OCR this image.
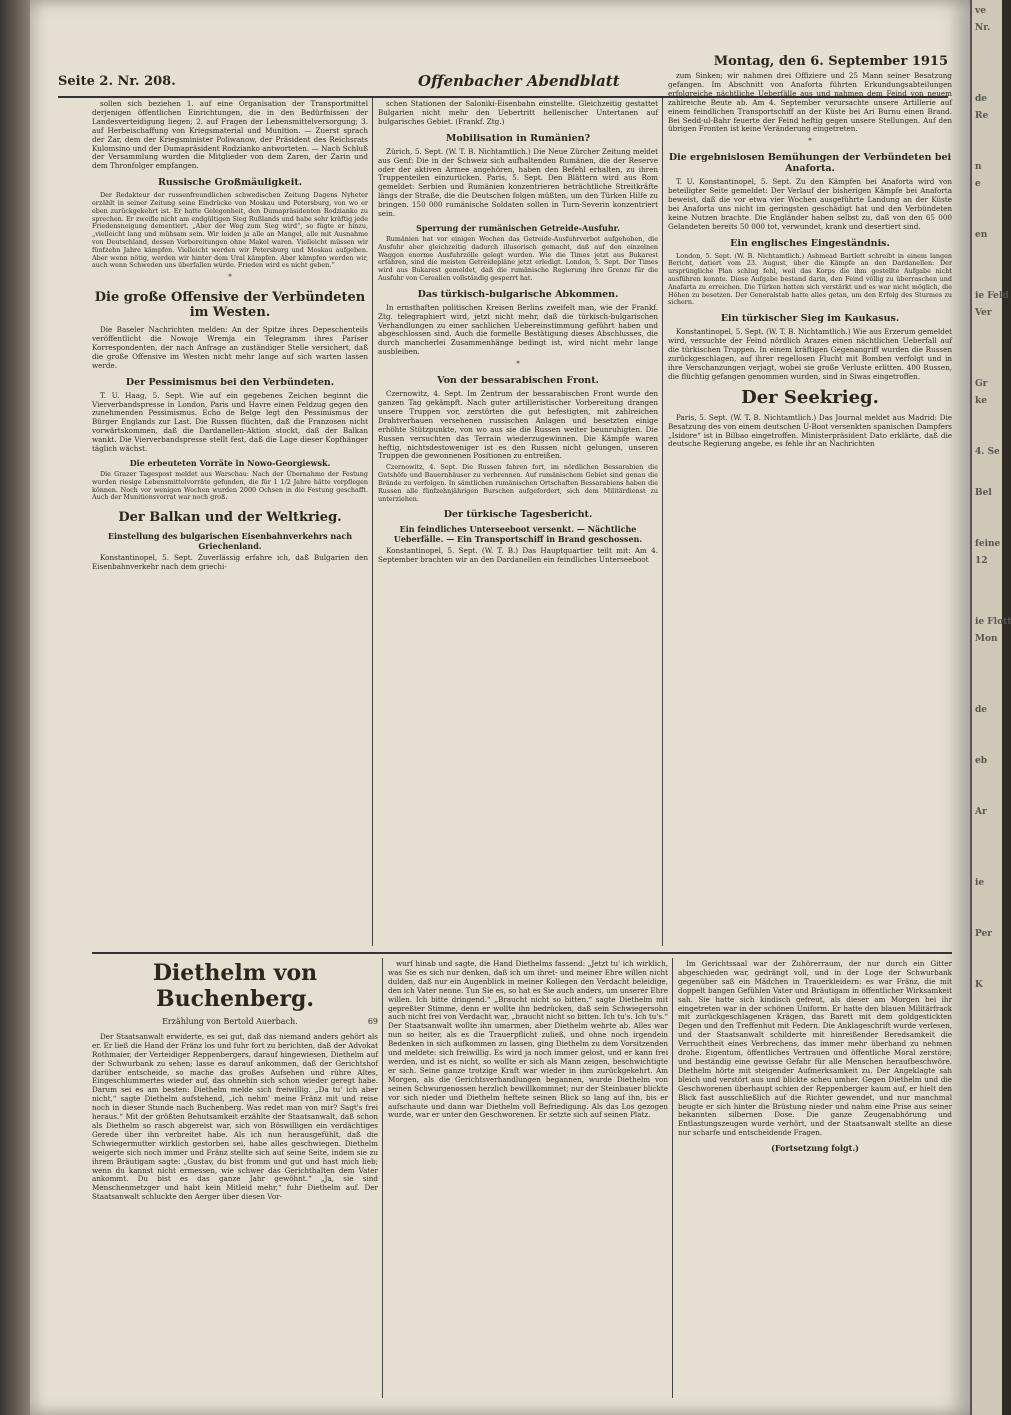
Seite 2. Nr. 208.	Offenbacher Abendblatt
Montag, den 6. September 1915

sollen sich beziehen 1. auf eine Organisation der Transportmittel derjenigen öffentlichen Einrichtungen, die in den Bedürfnissen der Landesverteidigung liegen; 2. auf Fragen der Lebensmittelversorgung; 3. auf Herbeischaffung von Kriegsmaterial und Munition. — Zuerst sprach der Zar, dem der Kriegsminister Poliwanow, der Präsident des Reichsrats Kulomsino und der Dumapräsident Rodzianko antworteten. — Nach Schluß der Versammlung wurden die Mitglieder von dem Zaren, der Zarin und dem Thronfolger empfangen.

Russische Großmäuligkeit.

Der Redakteur der russenfreundlichen schwedischen Zeitung Dagens Nyheter erzählt in seiner Zeitung seine Eindrücke von Moskau und Petersburg, von wo er eben zurückgekehrt ist. Er hatte Gelegenheit, den Dumapräsidenten Rodzianko zu sprechen. Er zweifle nicht am endgültigen Sieg Rußlands und habe sehr kräftig jede Friedensneigung dementiert. „Aber der Weg zum Sieg wird“, so fügte er hinzu, „vielleicht lang und mühsam sein. Wir leiden ja alle an Mangel, alle mit Ausnahme von Deutschland, dessen Vorbereitungen ohne Makel waren. Vielleicht müssen wir fünfzehn Jahre kämpfen. Vielleicht werden wir Petersburg und Moskau aufgeben. Aber wenn nötig, werden wir hinter dem Ural kämpfen. Aber kämpfen werden wir, auch wenn Schweden uns überfallen würde. Frieden wird es nicht geben.“

*
Die große Offensive der Verbündeten im Westen.

Die Baseler Nachrichten melden: An der Spitze ihres Depeschenteils veröffentlicht die Nowoje Wremja ein Telegramm ihres Pariser Korrespondenten, der nach Anfrage an zuständiger Stelle versichert, daß die große Offensive im Westen nicht mehr lange auf sich warten lassen werde.

Der Pessimismus bei den Verbündeten.

T. U. Haag, 5. Sept. Wie auf ein gegebenes Zeichen beginnt die Vierverbandspresse in London, Paris und Havre einen Feldzug gegen den zunehmenden Pessimismus. Echo de Belge legt den Pessimismus der Bürger Englands zur Last. Die Russen flüchten, daß die Franzosen nicht vorwärtskommen, daß die Dardanellen-Aktion stockt, daß der Balkan wankt. Die Vierverbandspresse stellt fest, daß die Lage dieser Kopfhänger täglich wächst.

Die erbeuteten Vorräte in Nowo-Georgiewsk.

Die Grazer Tagespost meldet aus Warschau: Nach der Übernahme der Festung wurden riesige Lebensmittelvorräte gefunden, die für 1 1/2 Jahre hätte verpflegen können. Noch vor wenigen Wochen wurden 2000 Ochsen in die Festung geschafft. Auch der Munitionsvorrat war noch groß.

Der Balkan und der Weltkrieg.
Einstellung des bulgarischen Eisenbahnverkehrs nach Griechenland.

Konstantinopel, 5. Sept. Zuverlässig erfahre ich, daß Bulgarien den Eisenbahnverkehr nach dem griechi-

schen Stationen der Saloniki-Eisenbahn einstellte. Gleichzeitig gestattet Bulgarien nicht mehr den Uebertritt hellenischer Untertanen auf bulgarisches Gebiet. (Frankf. Ztg.)

Mobilisation in Rumänien?

Zürich, 5. Sept. (W. T. B. Nichtamtlich.) Die Neue Zürcher Zeitung meldet aus Genf: Die in der Schweiz sich aufhaltenden Rumänen, die der Reserve oder der aktiven Armee angehören, haben den Befehl erhalten, zu ihren Truppenteilen einzurücken. Paris, 5. Sept. Den Blättern wird aus Rom gemeldet: Serbien und Rumänien konzentrieren beträchtliche Streitkräfte längs der Straße, die die Deutschen folgen müßten, um den Türken Hilfe zu bringen. 150 000 rumänische Soldaten sollen in Turn-Severin konzentriert sein.

Sperrung der rumänischen Getreide-Ausfuhr.

Rumänien hat vor einigen Wochen das Getreide-Ausfuhrverbot aufgehoben, die Ausfuhr aber gleichzeitig dadurch illusorisch gemacht, daß auf den einzelnen Waggon enorme Ausfuhrzölle gelegt wurden. Wie die Times jetzt aus Bukarest erfahren, sind die meisten Getreidepläne jetzt erledigt. London, 5. Sept. Der Times wird aus Bukarest gemeldet, daß die rumänische Regierung ihre Grenze für die Ausfuhr von Cerealien vollständig gesperrt hat.

Das türkisch-bulgarische Abkommen.

In ernsthaften politischen Kreisen Berlins zweifelt man, wie der Frankf. Ztg. telegraphiert wird, jetzt nicht mehr, daß die türkisch-bulgarischen Verhandlungen zu einer sachlichen Uebereinstimmung geführt haben und abgeschlossen sind. Auch die formelle Bestätigung dieses Abschlusses, die durch mancherlei Zusammenhänge bedingt ist, wird nicht mehr lange ausbleiben.

*
Von der bessarabischen Front.

Czernowitz, 4. Sept. Im Zentrum der bessarabischen Front wurde den ganzen Tag gekämpft. Nach guter artilleristischer Vorbereitung drangen unsere Truppen vor, zerstörten die gut befestigten, mit zahlreichen Drahtverhauen versehenen russischen Anlagen und besetzten einige erhöhte Stützpunkte, von wo aus sie die Russen weiter beunruhigten. Die Russen versuchten das Terrain wiederzugewinnen. Die Kämpfe waren heftig, nichtsdestoweniger ist es den Russen nicht gelungen, unseren Truppen die gewonnenen Positionen zu entreißen.

Czernowitz, 4. Sept. Die Russen fahren fort, im nördlichen Bessarabien die Gutshöfe und Bauernhäuser zu verbrennen. Auf rumänischem Gebiet sind genau die Brände zu verfolgen. In sämtlichen rumänischen Ortschaften Bessarabiens haben die Russen alle fünfzehnjährigen Burschen aufgefordert, sich dem Militärdienst zu unterziehen.

Der türkische Tagesbericht.
Ein feindliches Unterseeboot versenkt. — Nächtliche Ueberfälle. — Ein Transportschiff in Brand geschossen.

Konstantinopel, 5. Sept. (W. T. B.) Das Hauptquartier teilt mit: Am 4. September brachten wir an den Dardanellen ein feindliches Unterseeboot

zum Sinken; wir nahmen drei Offiziere und 25 Mann seiner Besatzung gefangen. Im Abschnitt von Anaforta führten Erkundungsabteilungen erfolgreiche nächtliche Ueberfälle aus und nahmen dem Feind von neuem zahlreiche Beute ab. Am 4. September verursachte unsere Artillerie auf einem feindlichen Transportschiff an der Küste bei Ari Burnu einen Brand. Bei Sedd-ul-Bahr feuerte der Feind heftig gegen unsere Stellungen. Auf den übrigen Fronten ist keine Veränderung eingetreten.

*
Die ergebnislosen Bemühungen der Verbündeten bei Anaforta.

T. U. Konstantinopel, 5. Sept. Zu den Kämpfen bei Anaforta wird von beteiligter Seite gemeldet: Der Verlauf der bisherigen Kämpfe bei Anaforta beweist, daß die vor etwa vier Wochen ausgeführte Landung an der Küste bei Anaforta uns nicht im geringsten geschädigt hat und den Verbündeten keine Nutzen brachte. Die Engländer haben selbst zu, daß von den 65 000 Gelandeten bereits 50 000 tot, verwundet, krank und desertiert sind.

Ein englisches Eingeständnis.

London, 5. Sept. (W. B. Nichtamtlich.) Ashmead Bartlett schreibt in einem langen Bericht, datiert vom 23. August, über die Kämpfe an den Dardanellen: Der ursprüngliche Plan schlug fehl, weil das Korps die ihm gestellte Aufgabe nicht ausführen konnte. Diese Aufgabe bestand darin, den Feind völlig zu überraschen und Anafarta zu erreichen. Die Türken hatten sich verstärkt und es war nicht möglich, die Höhen zu besetzen. Der Generalstab hatte alles getan, um den Erfolg des Sturmes zu sichern.

Ein türkischer Sieg im Kaukasus.

Konstantinopel, 5. Sept. (W. T. B. Nichtamtlich.) Wie aus Erzerum gemeldet wird, versuchte der Feind nördlich Arazes einen nächtlichen Ueberfall auf die türkischen Truppen. In einem kräftigen Gegenangriff wurden die Russen zurückgeschlagen, auf ihrer regellosen Flucht mit Bomben verfolgt und in ihre Verschanzungen verjagt, wobei sie große Verluste erlitten. 400 Russen, die flüchtig gefangen genommen wurden, sind in Siwas eingetroffen.

Der Seekrieg.

Paris, 5. Sept. (W. T. B. Nichtamtlich.) Das Journal meldet aus Madrid: Die Besatzung des von einem deutschen U-Boot versenkten spanischen Dampfers „Isidore“ ist in Bilbao eingetroffen. Ministerpräsident Dato erklärte, daß die deutsche Regierung angebe, es fehle ihr an Nachrichten

Diethelm von Buchenberg.
Erzählung von Bertold Auerbach.	69

Der Staatsanwalt erwiderte, es sei gut, daß das niemand anders gehört als er. Er ließ die Hand der Fränz los und fuhr fort zu berichten, daß der Advokat Rothmaier, der Verteidiger Reppenbergers, darauf hingewiesen, Diethelm auf der Schwurbank zu sehen; lasse es darauf ankommen, daß der Gerichtshof darüber entscheide, so mache das großes Aufsehen und rühre Altes, Eingeschlummertes wieder auf, das ohnehin sich schon wieder geregt habe. Darum sei es am besten: Diethelm melde sich freiwillig. „Da tu' ich aber nicht,“ sagte Diethelm aufstehend, „ich nehm' meine Fränz mit und reise noch in dieser Stunde nach Buchenberg. Was redet man von mir? Sagt's frei heraus.“ Mit der größten Behutsamkeit erzählte der Staatsanwalt, daß schon als Diethelm so rasch abgereist war, sich von Böswilligen ein verdächtiges Gerede über ihn verbreitet habe. Als ich nun herausgefühlt, daß die Schwiegermutter wirklich gestorben sei, habe alles geschwiegen. Diethelm weigerte sich noch immer und Fränz stellte sich auf seine Seite, indem sie zu ihrem Bräutigam sagte: „Gustav, du bist fromm und gut und hast mich lieb; wenn du kannst nicht ermessen, wie schwer das Gerichthalten dem Vater ankommt. Du bist es das ganze Jahr gewöhnt.“ „Ja, sie sind Menschenmetzger und habt kein Mitleid mehr,“ fuhr Diethelm auf. Der Staatsanwalt schluckte den Aerger über diesen Vor-

wurf hinab und sagte, die Hand Diethelms fassend: „Jetzt tu' ich wirklich, was Sie es sich nur denken, daß ich um ihret- und meiner Ehre willen nicht dulden, daß nur ein Augenblick in meiner Kollegen den Verdacht beleidige, den ich Vater nenne. Tun Sie es, so hat es Sie auch anders, um unserer Ehre willen. Ich bitte dringend.“ „Braucht nicht so bitten,“ sagte Diethelm mit gepreßter Stimme, denn er wollte ihn bedrücken, daß sein Schwiegersohn auch nicht frei von Verdacht war, „braucht nicht so bitten. Ich tu's. Ich tu's.“ Der Staatsanwalt wollte ihn umarmen, aber Diethelm wehrte ab. Alles war nun so heiter, als es die Trauerpflicht zuließ, und ohne noch irgendein Bedenken in sich aufkommen zu lassen, ging Diethelm zu dem Vorsitzenden und meldete: sich freiwillig. Es wird ja noch immer gelost, und er kann frei werden, und ist es nicht, so wollte er sich als Mann zeigen, beschwichtigte er sich. Seine ganze trotzige Kraft war wieder in ihm zurückgekehrt. Am Morgen, als die Gerichtsverhandlungen begannen, wurde Diethelm von seinen Schwurgenossen herzlich bewillkommnet; nur der Steinbauer blickte vor sich nieder und Diethelm heftete seinen Blick so lang auf ihn, bis er aufschaute und dann war Diethelm voll Befriedigung. Als das Los gezogen wurde, war er unter den Geschworenen. Er setzte sich auf seinen Platz.

Im Gerichtssaal war der Zuhörerraum, der nur durch ein Gitter abgeschieden war, gedrängt voll, und in der Loge der Schwurbank gegenüber saß ein Mädchen in Trauerkleidern: es war Fränz, die mit doppelt bangen Gefühlen Vater und Bräutigam in öffentlicher Wirksamkeit sah. Sie hatte sich kindisch gefreut, als dieser am Morgen bei ihr eingetreten war in der schönen Uniform. Er hatte den blauen Militärfrack mit zurückgeschlagenen Krägen, das Barett mit dem goldgestickten Degen und den Treffenhut mit Federn. Die Anklageschrift wurde verlesen, und der Staatsanwalt schilderte mit hinreißender Beredsamkeit die Verruchtheit eines Verbrechens, das immer mehr überhand zu nehmen drohe. Eigentum, öffentliches Vertrauen und öffentliche Moral zerstöre; und beständig eine gewisse Gefahr für alle Menschen heraufbeschwöre. Diethelm hörte mit steigender Aufmerksamkeit zu. Der Angeklagte sah bleich und verstört aus und blickte scheu umher. Gegen Diethelm und die Geschworenen überhaupt schien der Reppenberger kaum auf, er hielt den Blick fast ausschließlich auf die Richter gewendet, und nur manchmal beugte er sich hinter die Brüstung nieder und nahm eine Prise aus seiner bekannten silbernen Dose. Die ganze Zeugenabhörung und Entlastungszeugen wurde verhört, und der Staatsanwalt stellte an diese nur scharfe und entscheidende Fragen.

(Fortsetzung folgt.)
ve
Nr.
de
Re
n
e
en
ie Feld
Ver
Gr
ke
4. Se
Bel
feine
12
ie Flott
Mon
de
eb
Ar
ie
Per
K
